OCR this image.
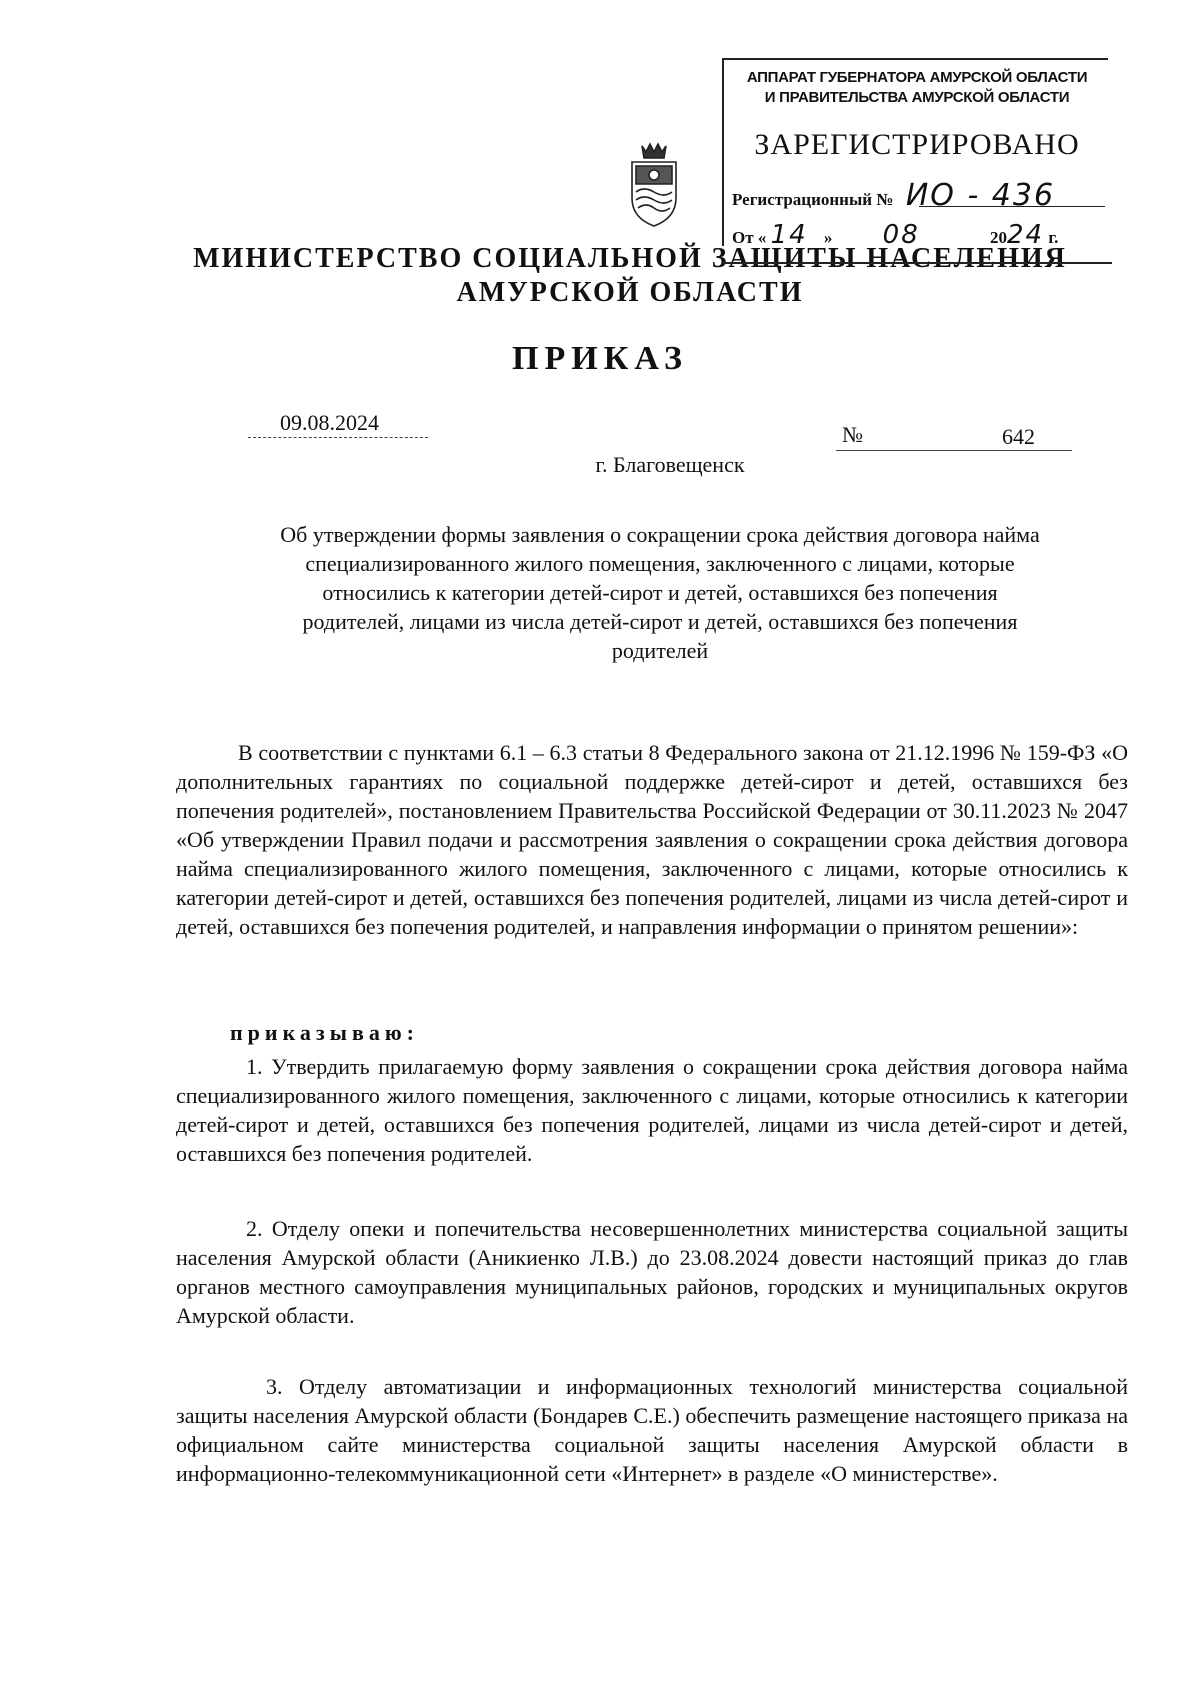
АППАРАТ ГУБЕРНАТОРА АМУРСКОЙ ОБЛАСТИ
И ПРАВИТЕЛЬСТВА АМУРСКОЙ ОБЛАСТИ
ЗАРЕГИСТРИРОВАНО
Регистрационный № ИО - 436
От « 14 » 08	2024 г.
МИНИСТЕРСТВО СОЦИАЛЬНОЙ ЗАЩИТЫ НАСЕЛЕНИЯ
АМУРСКОЙ ОБЛАСТИ
ПРИКАЗ
09.08.2024	№	642
г. Благовещенск
Об утверждении формы заявления о сокращении срока действия договора найма специализированного жилого помещения, заключенного с лицами, которые относились к категории детей-сирот и детей, оставшихся без попечения родителей, лицами из числа детей-сирот и детей, оставшихся без попечения родителей
В соответствии с пунктами 6.1 – 6.3 статьи 8 Федерального закона от 21.12.1996 № 159-ФЗ «О дополнительных гарантиях по социальной поддержке детей-сирот и детей, оставшихся без попечения родителей», постановлением Правительства Российской Федерации от 30.11.2023 № 2047 «Об утверждении Правил подачи и рассмотрения заявления о сокращении срока действия договора найма специализированного жилого помещения, заключенного с лицами, которые относились к категории детей-сирот и детей, оставшихся без попечения родителей, лицами из числа детей-сирот и детей, оставшихся без попечения родителей, и направления информации о принятом решении»:
приказываю:
1. Утвердить прилагаемую форму заявления о сокращении срока действия договора найма специализированного жилого помещения, заключенного с лицами, которые относились к категории детей-сирот и детей, оставшихся без попечения родителей, лицами из числа детей-сирот и детей, оставшихся без попечения родителей.
2. Отделу опеки и попечительства несовершеннолетних министерства социальной защиты населения Амурской области (Аникиенко Л.В.) до 23.08.2024 довести настоящий приказ до глав органов местного самоуправления муниципальных районов, городских и муниципальных округов Амурской области.
3. Отделу автоматизации и информационных технологий министерства социальной защиты населения Амурской области (Бондарев С.Е.) обеспечить размещение настоящего приказа на официальном сайте министерства социальной защиты населения Амурской области в информационно-телекоммуникационной сети «Интернет» в разделе «О министерстве».
